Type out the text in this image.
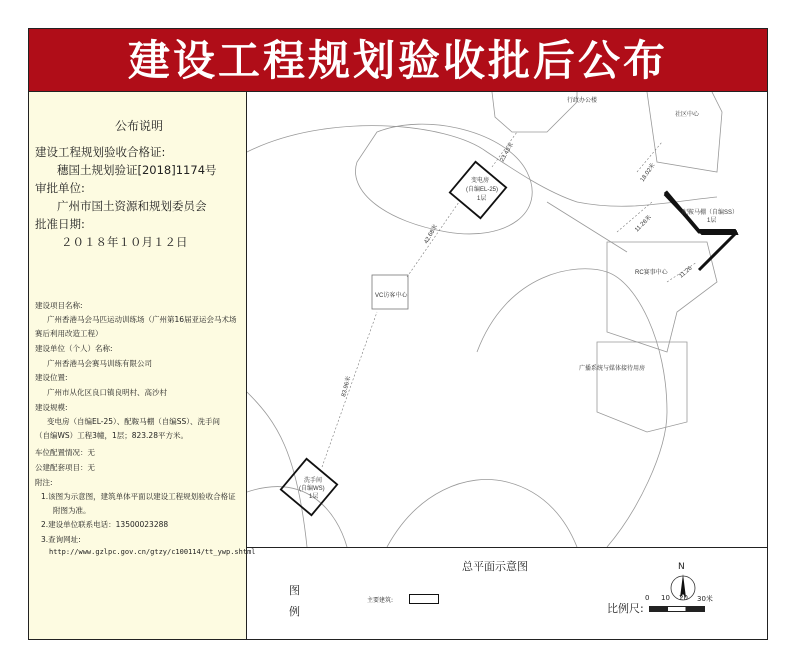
建设工程规划验收批后公布
公布说明
建设工程规划验收合格证:
穗国土规划验证[2018]1174号
审批单位:
广州市国土资源和规划委员会
批准日期:
２０１８年１０月１２日
建设项目名称:
广州香港马会马匹运动训练场（广州第16届亚运会马术场
赛后利用改造工程）
建设单位（个人）名称:
广州香港马会赛马训练有限公司
建设位置:
广州市从化区良口镇良明村、高沙村
建设规模:
变电房（自编EL-25）、配鞍马棚（自编SS）、洗手间
（自编WS）工程3幢，1层；823.28平方米。
车位配置情况：无
公建配套项目：无
附注:
1.该图为示意图，建筑单体平面以建设工程规划验收合格证
附图为准。
2.建设单位联系电话：13500023288
3.查询网址:
http://www.gzlpc.gov.cn/gtzy/c100114/tt_ywp.shtml
行政办公楼
社区中心
变电房
(自编EL-25)
1层
配鞍马棚（自编SS）
1层
VC访客中心
RC赛事中心
广播系统与媒体接待用房
洗手间
(自编WS)
1层
23.43米
42.68米
83.96米
18.02米
11.26米
11.26
总平面示意图
图
例
主要建筑:
N
比例尺:
0 10 20 30米
